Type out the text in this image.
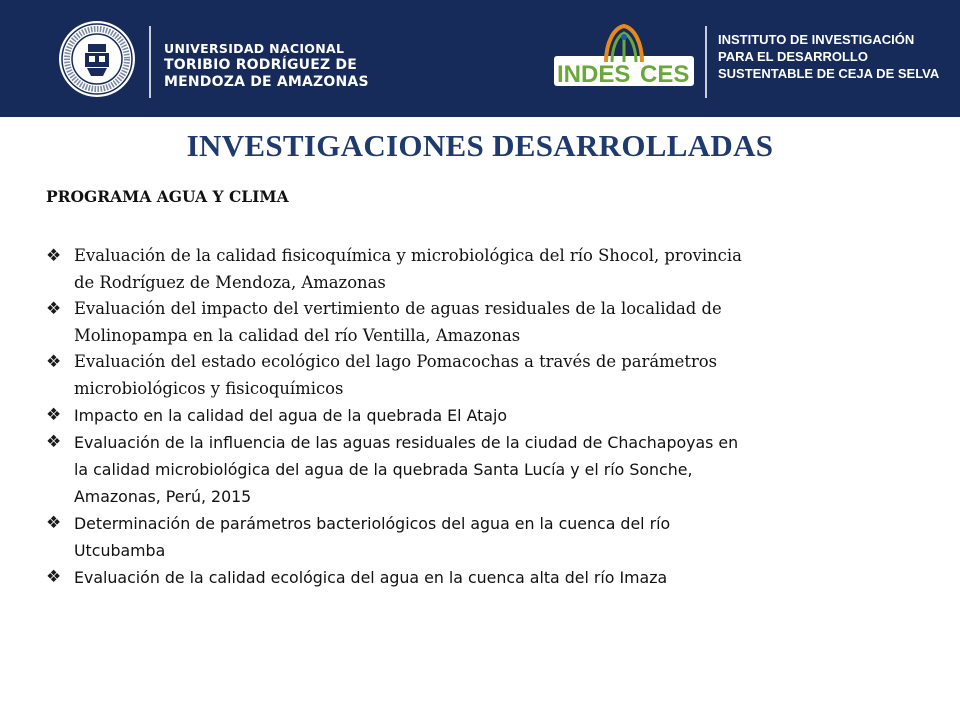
UNIVERSIDAD NACIONAL
TORIBIO RODRÍGUEZ DE
MENDOZA DE AMAZONAS	INDES CES
INSTITUTO DE INVESTIGACIÓN
PARA EL DESARROLLO
SUSTENTABLE DE CEJA DE SELVA
INVESTIGACIONES DESARROLLADAS
PROGRAMA AGUA Y CLIMA
❖ Evaluación de la calidad fisicoquímica y microbiológica del río Shocol, provincia
de Rodríguez de Mendoza, Amazonas
❖ Evaluación del impacto del vertimiento de aguas residuales de la localidad de
Molinopampa en la calidad del río Ventilla, Amazonas
❖ Evaluación del estado ecológico del lago Pomacochas a través de parámetros
microbiológicos y fisicoquímicos
❖ Impacto en la calidad del agua de la quebrada El Atajo
❖ Evaluación de la influencia de las aguas residuales de la ciudad de Chachapoyas en
la calidad microbiológica del agua de la quebrada Santa Lucía y el río Sonche,
Amazonas, Perú, 2015
❖ Determinación de parámetros bacteriológicos del agua en la cuenca del río
Utcubamba
❖ Evaluación de la calidad ecológica del agua en la cuenca alta del río Imaza
